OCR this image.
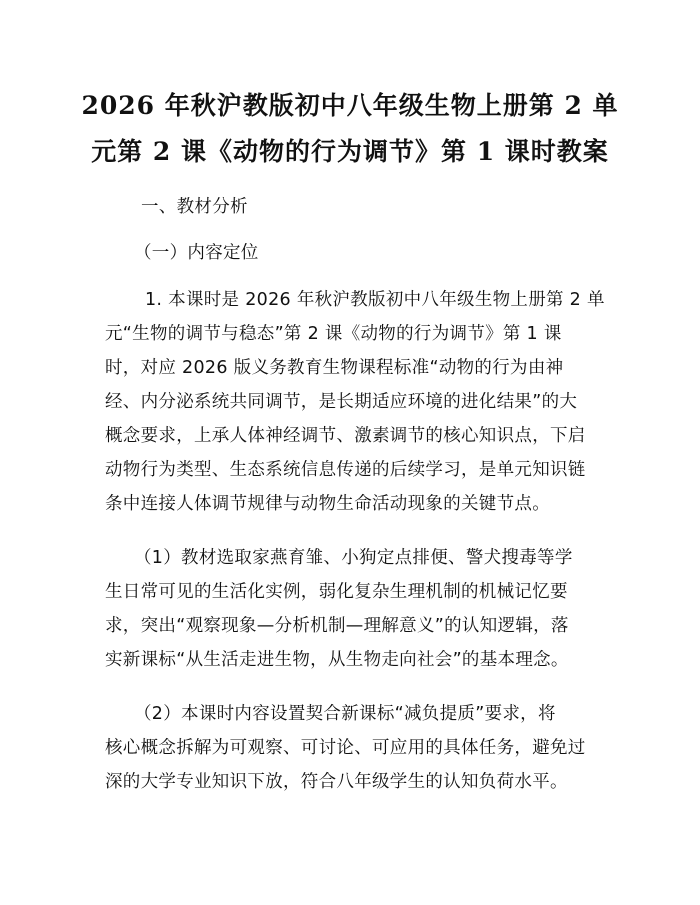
2026 年秋沪教版初中八年级生物上册第 2 单
元第 2 课《动物的行为调节》第 1 课时教案
一、教材分析
（一）内容定位
1. 本课时是 2026 年秋沪教版初中八年级生物上册第 2 单
元“生物的调节与稳态”第 2 课《动物的行为调节》第 1 课
时，对应 2026 版义务教育生物课程标准“动物的行为由神
经、内分泌系统共同调节，是长期适应环境的进化结果”的大
概念要求，上承人体神经调节、激素调节的核心知识点，下启
动物行为类型、生态系统信息传递的后续学习，是单元知识链
条中连接人体调节规律与动物生命活动现象的关键节点。
（1）教材选取家燕育雏、小狗定点排便、警犬搜毒等学
生日常可见的生活化实例，弱化复杂生理机制的机械记忆要
求，突出“观察现象—分析机制—理解意义”的认知逻辑，落
实新课标“从生活走进生物，从生物走向社会”的基本理念。
（2）本课时内容设置契合新课标“减负提质”要求，将
核心概念拆解为可观察、可讨论、可应用的具体任务，避免过
深的大学专业知识下放，符合八年级学生的认知负荷水平。
